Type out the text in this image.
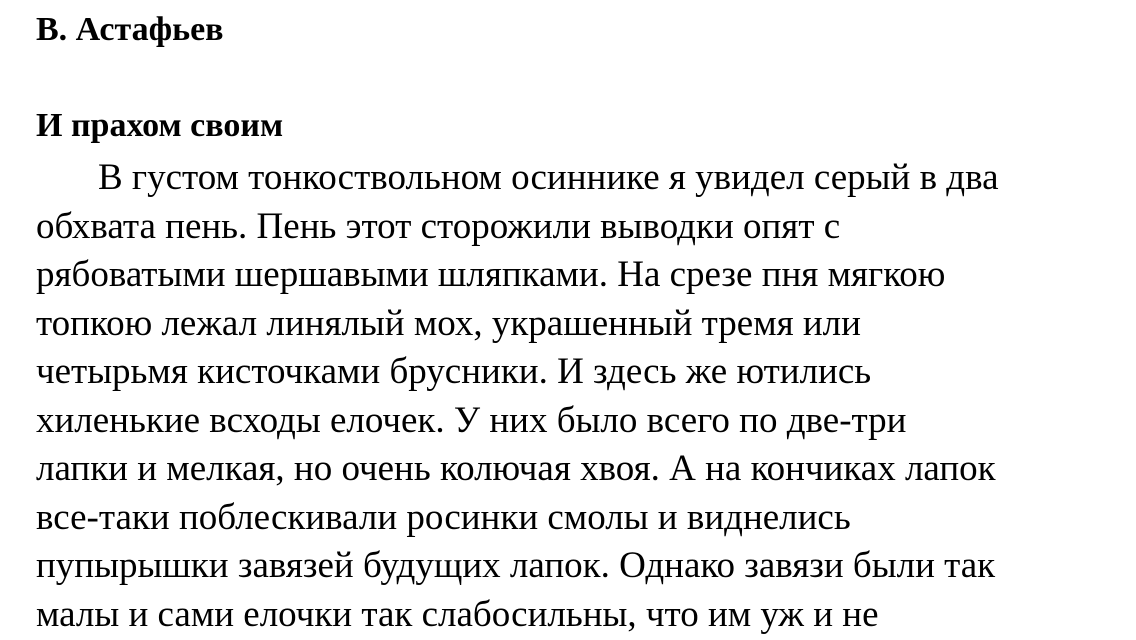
В. Астафьев
И прахом своим
В густом тонкоствольном осиннике я увидел серый в два
обхвата пень. Пень этот сторожили выводки опят с
рябоватыми шершавыми шляпками. На срезе пня мягкою
топкою лежал линялый мох, украшенный тремя или
четырьмя кисточками брусники. И здесь же ютились
хиленькие всходы елочек. У них было всего по две-три
лапки и мелкая, но очень колючая хвоя. А на кончиках лапок
все-таки поблескивали росинки смолы и виднелись
пупырышки завязей будущих лапок. Однако завязи были так
малы и сами елочки так слабосильны, что им уж и не
